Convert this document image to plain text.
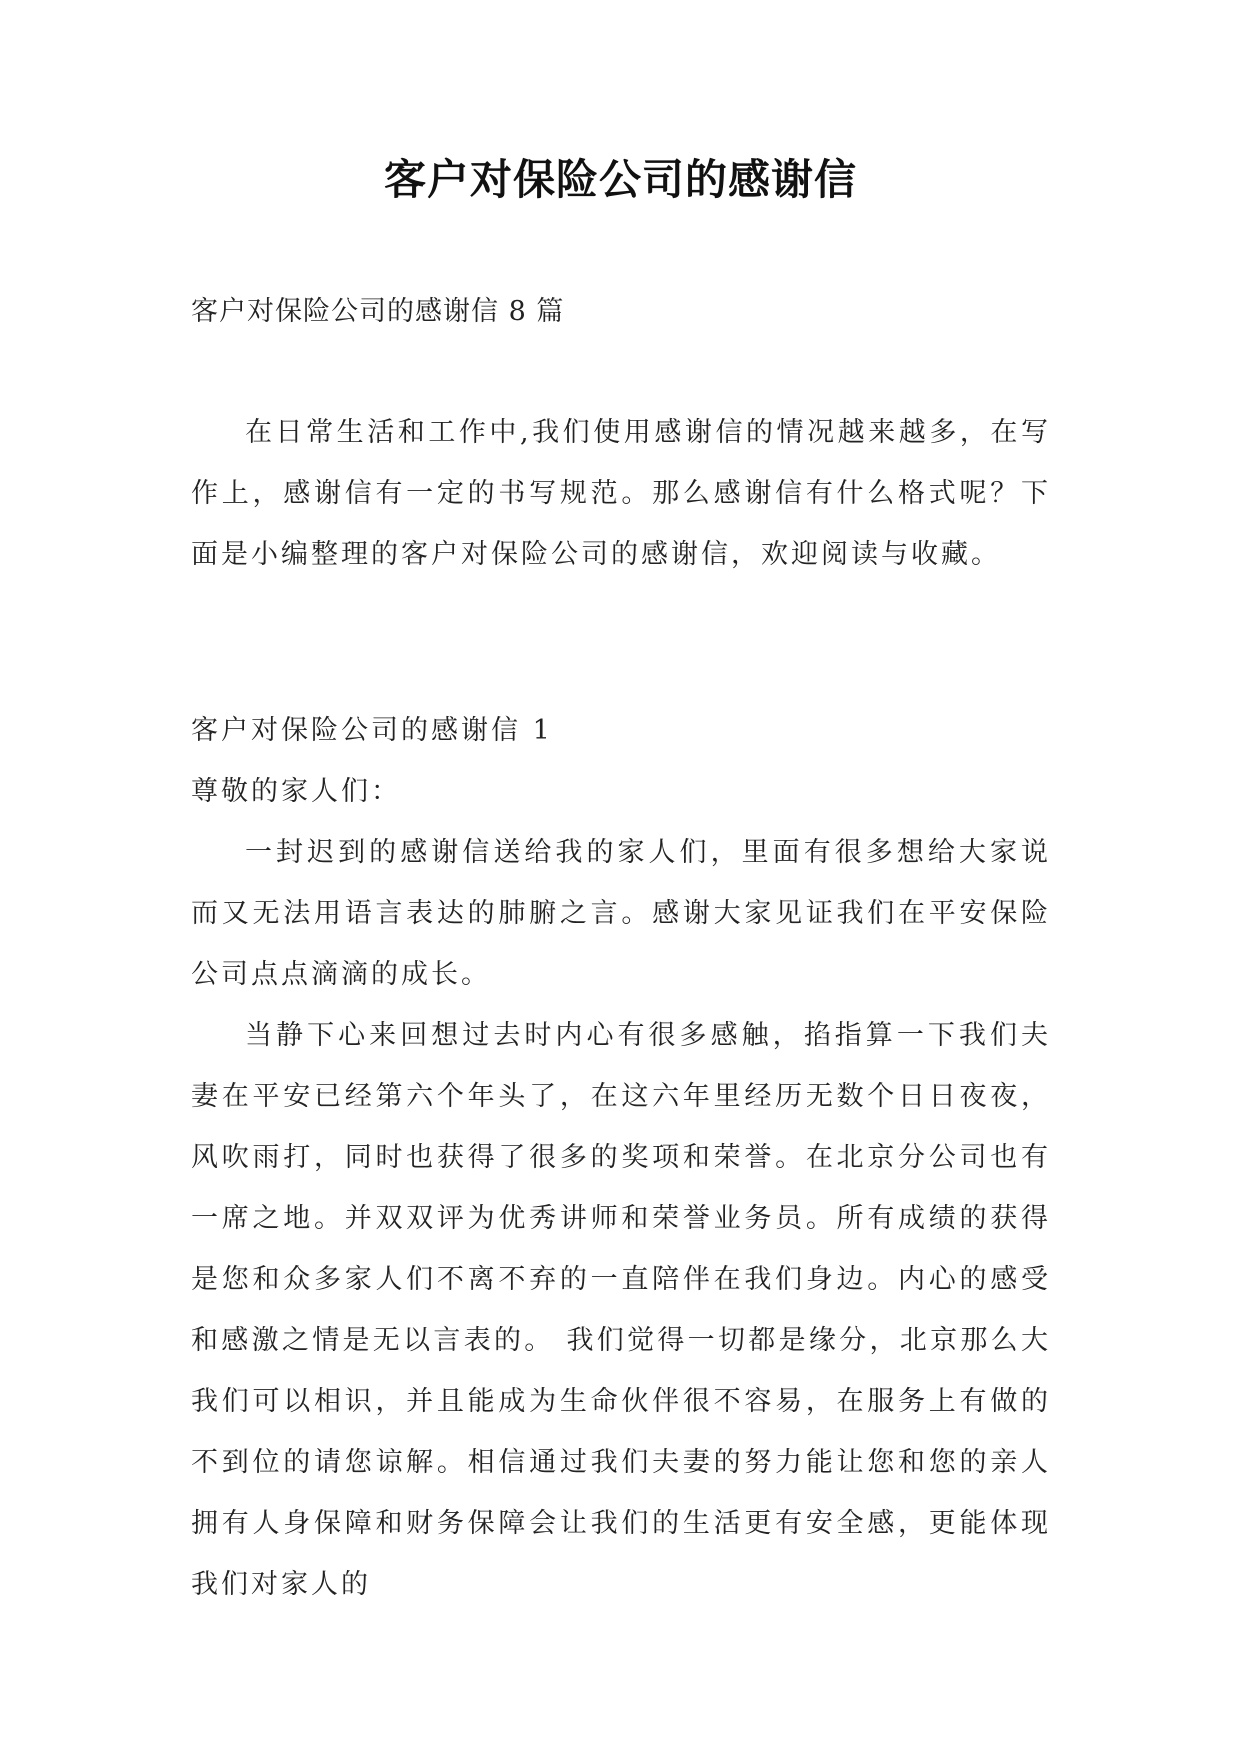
客户对保险公司的感谢信
客户对保险公司的感谢信 8 篇

在日常生活和工作中,我们使用感谢信的情况越来越多，在写作上，感谢信有一定的书写规范。那么感谢信有什么格式呢？下面是小编整理的客户对保险公司的感谢信，欢迎阅读与收藏。

客户对保险公司的感谢信 1

尊敬的家人们：

一封迟到的感谢信送给我的家人们，里面有很多想给大家说而又无法用语言表达的肺腑之言。感谢大家见证我们在平安保险公司点点滴滴的成长。

当静下心来回想过去时内心有很多感触，掐指算一下我们夫妻在平安已经第六个年头了，在这六年里经历无数个日日夜夜，风吹雨打，同时也获得了很多的奖项和荣誉。在北京分公司也有一席之地。并双双评为优秀讲师和荣誉业务员。所有成绩的获得是您和众多家人们不离不弃的一直陪伴在我们身边。内心的感受和感激之情是无以言表的。 我们觉得一切都是缘分，北京那么大我们可以相识，并且能成为生命伙伴很不容易，在服务上有做的不到位的请您谅解。相信通过我们夫妻的努力能让您和您的亲人拥有人身保障和财务保障会让我们的生活更有安全感，更能体现我们对家人的
